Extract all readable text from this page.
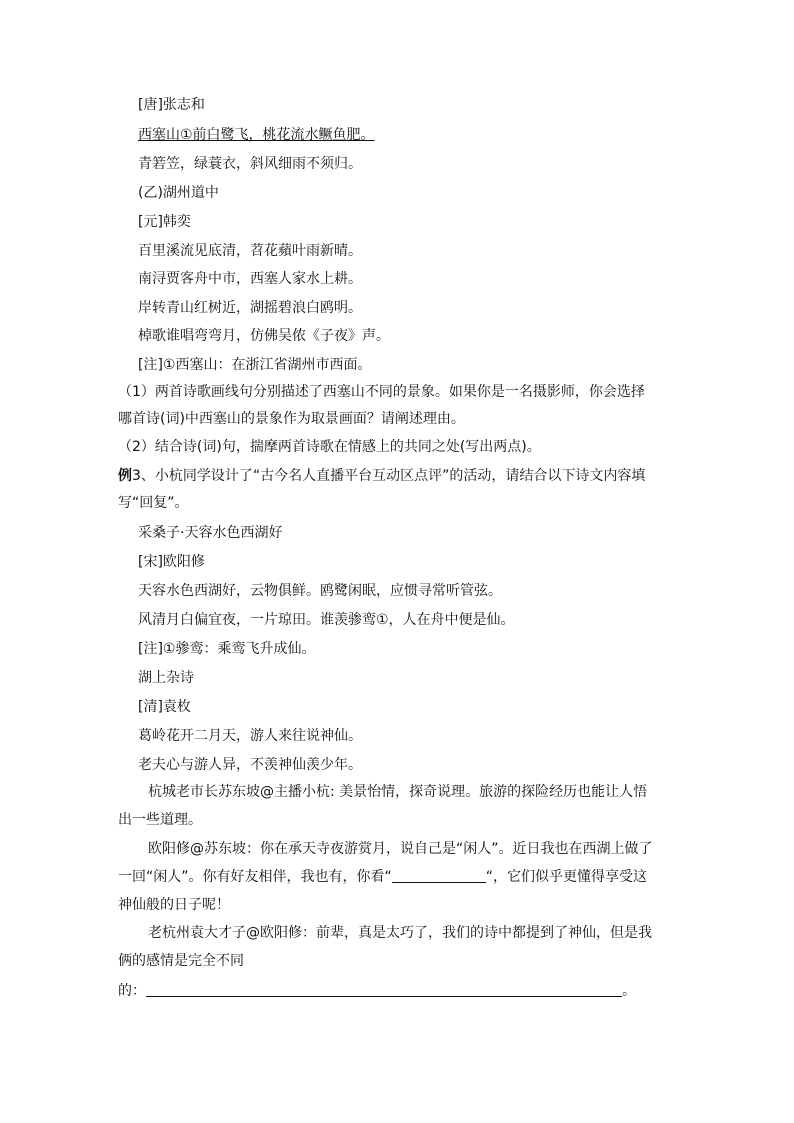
[唐]张志和
西塞山①前白鹭飞，桃花流水鳜鱼肥。
青箬笠，绿蓑衣，斜风细雨不须归。
(乙)湖州道中
[元]韩奕
百里溪流见底清，苕花蘋叶雨新晴。
南浔贾客舟中市，西塞人家水上耕。
岸转青山红树近，湖摇碧浪白鸥明。
棹歌谁唱弯弯月，仿佛吴侬《子夜》声。
[注]①西塞山：在浙江省湖州市西面。
（1）两首诗歌画线句分别描述了西塞山不同的景象。如果你是一名摄影师，你会选择
哪首诗(词)中西塞山的景象作为取景画面？请阐述理由。
（2）结合诗(词)句，揣摩两首诗歌在情感上的共同之处(写出两点)。
例3、小杭同学设计了“古今名人直播平台互动区点评”的活动，请结合以下诗文内容填
写“回复”。
采桑子·天容水色西湖好
[宋]欧阳修
天容水色西湖好，云物俱鲜。鸥鹭闲眠，应惯寻常听管弦。
风清月白偏宜夜，一片琼田。谁羡骖鸾①，人在舟中便是仙。
[注]①骖鸾：乘鸾飞升成仙。
湖上杂诗
[清]袁枚
葛岭花开二月天，游人来往说神仙。
老夫心与游人异，不羡神仙羡少年。
杭城老市长苏东坡@主播小杭: 美景怡情，探奇说理。旅游的探险经历也能让人悟
出一些道理。
欧阳修@苏东坡：你在承天寺夜游赏月，说自己是“闲人”。近日我也在西湖上做了
一回“闲人”。你有好友相伴，我也有，你看“	“，它们似乎更懂得享受这
神仙般的日子呢！
老杭州袁大才子@欧阳修：前辈，真是太巧了，我们的诗中都提到了神仙，但是我
俩的感情是完全不同
的：	。
